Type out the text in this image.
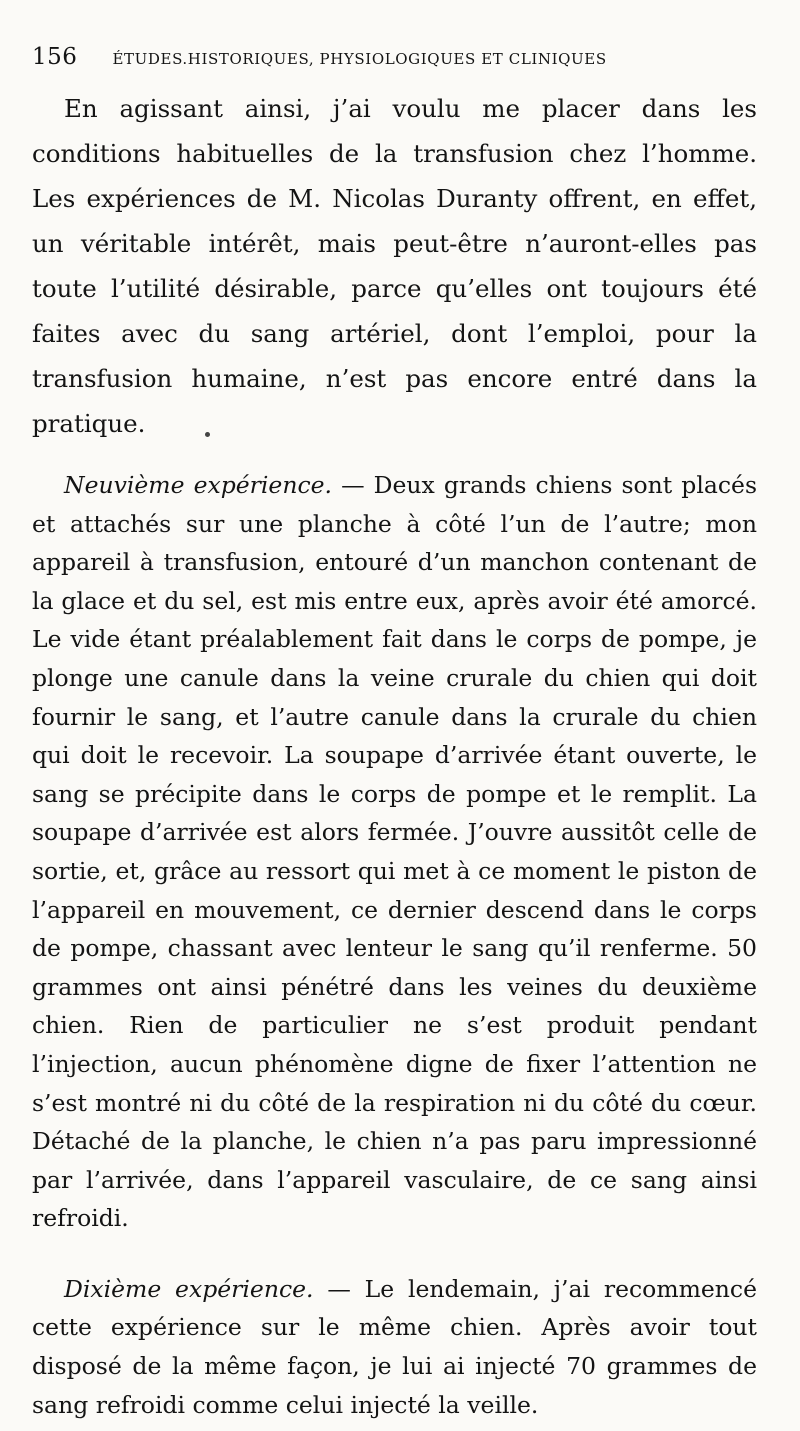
156 ÉTUDES.HISTORIQUES, PHYSIOLOGIQUES ET CLINIQUES

En agissant ainsi, j’ai voulu me placer dans les conditions habituelles de la transfusion chez l’homme. Les expériences de M. Nicolas Duranty offrent, en effet, un véritable intérêt, mais peut-être n’auront-elles pas toute l’utilité désirable, parce qu’elles ont toujours été faites avec du sang artériel, dont l’emploi, pour la transfusion humaine, n’est pas encore entré dans la pratique.

Neuvième expérience. — Deux grands chiens sont placés et attachés sur une planche à côté l’un de l’autre; mon appareil à transfusion, entouré d’un manchon contenant de la glace et du sel, est mis entre eux, après avoir été amorcé. Le vide étant préalablement fait dans le corps de pompe, je plonge une canule dans la veine crurale du chien qui doit fournir le sang, et l’autre canule dans la crurale du chien qui doit le recevoir. La soupape d’arrivée étant ouverte, le sang se précipite dans le corps de pompe et le remplit. La soupape d’arrivée est alors fermée. J’ouvre aussitôt celle de sortie, et, grâce au ressort qui met à ce moment le piston de l’appareil en mouvement, ce dernier descend dans le corps de pompe, chassant avec lenteur le sang qu’il renferme. 50 grammes ont ainsi pénétré dans les veines du deuxième chien. Rien de particulier ne s’est produit pendant l’injection, aucun phénomène digne de fixer l’attention ne s’est montré ni du côté de la respiration ni du côté du cœur. Détaché de la planche, le chien n’a pas paru impressionné par l’arrivée, dans l’appareil vasculaire, de ce sang ainsi refroidi.

Dixième expérience. — Le lendemain, j’ai recommencé cette expérience sur le même chien. Après avoir tout disposé de la même façon, je lui ai injecté 70 grammes de sang refroidi comme celui injecté la veille.
